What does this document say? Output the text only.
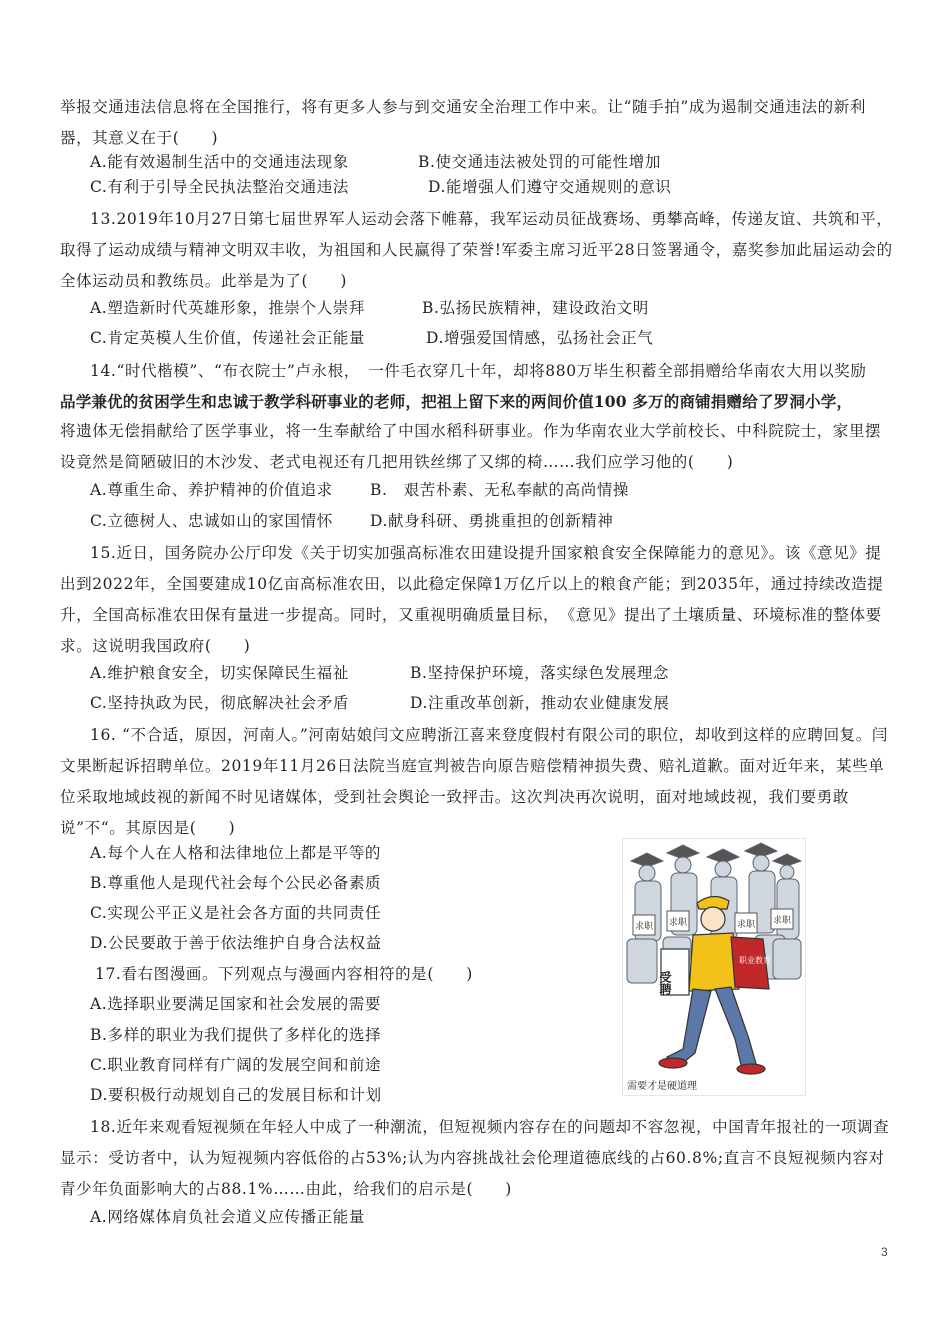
举报交通违法信息将在全国推行，将有更多人参与到交通安全治理工作中来。让“随手拍”成为遏制交通违法的新利器，其意义在于(　　)

A.能有效遏制生活中的交通违法现象	B.使交通违法被处罚的可能性增加
C.有利于引导全民执法整治交通违法	D.能增强人们遵守交通规则的意识

13.2019年10月27日第七届世界军人运动会落下帷幕，我军运动员征战赛场、勇攀高峰，传递友谊、共筑和平，取得了运动成绩与精神文明双丰收，为祖国和人民赢得了荣誉!军委主席习近平28日签署通令，嘉奖参加此届运动会的全体运动员和教练员。此举是为了(　　)

A.塑造新时代英雄形象，推崇个人崇拜	B.弘扬民族精神，建设政治文明
C.肯定英模人生价值，传递社会正能量	D.增强爱国情感，弘扬社会正气

14.“时代楷模”、“布衣院士”卢永根，　一件毛衣穿几十年，却将880万毕生积蓄全部捐赠给华南农大用以奖励

品学兼优的贫困学生和忠诚于教学科研事业的老师，把祖上留下来的两间价值100 多万的商铺捐赠给了罗洞小学，

将遗体无偿捐献给了医学事业，将一生奉献给了中国水稻科研事业。作为华南农业大学前校长、中科院院士，家里摆设竟然是简陋破旧的木沙发、老式电视还有几把用铁丝绑了又绑的椅……我们应学习他的(　　)

A.尊重生命、养护精神的价值追求 B.　艰苦朴素、无私奉献的高尚情操
C.立德树人、忠诚如山的家国情怀 D.献身科研、勇挑重担的创新精神

15.近日，国务院办公厅印发《关于切实加强高标准农田建设提升国家粮食安全保障能力的意见》。该《意见》提出到2022年，全国要建成10亿亩高标准农田，以此稳定保障1万亿斤以上的粮食产能；到2035年，通过持续改造提升，全国高标准农田保有量进一步提高。同时，又重视明确质量目标，　《意见》提出了土壤质量、环境标准的整体要求。这说明我国政府(　　)

A.维护粮食安全，切实保障民生福祉	B.坚持保护环境，落实绿色发展理念
C.坚持执政为民，彻底解决社会矛盾	D.注重改革创新，推动农业健康发展

16. “不合适，原因，河南人。”河南姑娘闫文应聘浙江喜来登度假村有限公司的职位，却收到这样的应聘回复。闫文果断起诉招聘单位。2019年11月26日法院当庭宣判被告向原告赔偿精神损失费、赔礼道歉。面对近年来，某些单位采取地域歧视的新闻不时见诸媒体，受到社会舆论一致抨击。这次判决再次说明，面对地域歧视，我们要勇敢说”不“。其原因是(　　)

A.每个人在人格和法律地位上都是平等的
B.尊重他人是现代社会每个公民必备素质
C.实现公平正义是社会各方面的共同责任
D.公民要敢于善于依法维护自身合法权益
17.看右图漫画。下列观点与漫画内容相符的是(　　)
A.选择职业要满足国家和社会发展的需要
B.多样的职业为我们提供了多样化的选择
C.职业教育同样有广阔的发展空间和前途
D.要积极行动规划自己的发展目标和计划
求职 求职	求职 求职
职业教育
受聘
需要才是硬道理

18.近年来观看短视频在年轻人中成了一种潮流，但短视频内容存在的问题却不容忽视，中国青年报社的一项调查显示：受访者中，认为短视频内容低俗的占53%;认为内容挑战社会伦理道德底线的占60.8%;直言不良短视频内容对青少年负面影响大的占88.1%……由此，给我们的启示是(　　)

A.网络媒体肩负社会道义应传播正能量
3
